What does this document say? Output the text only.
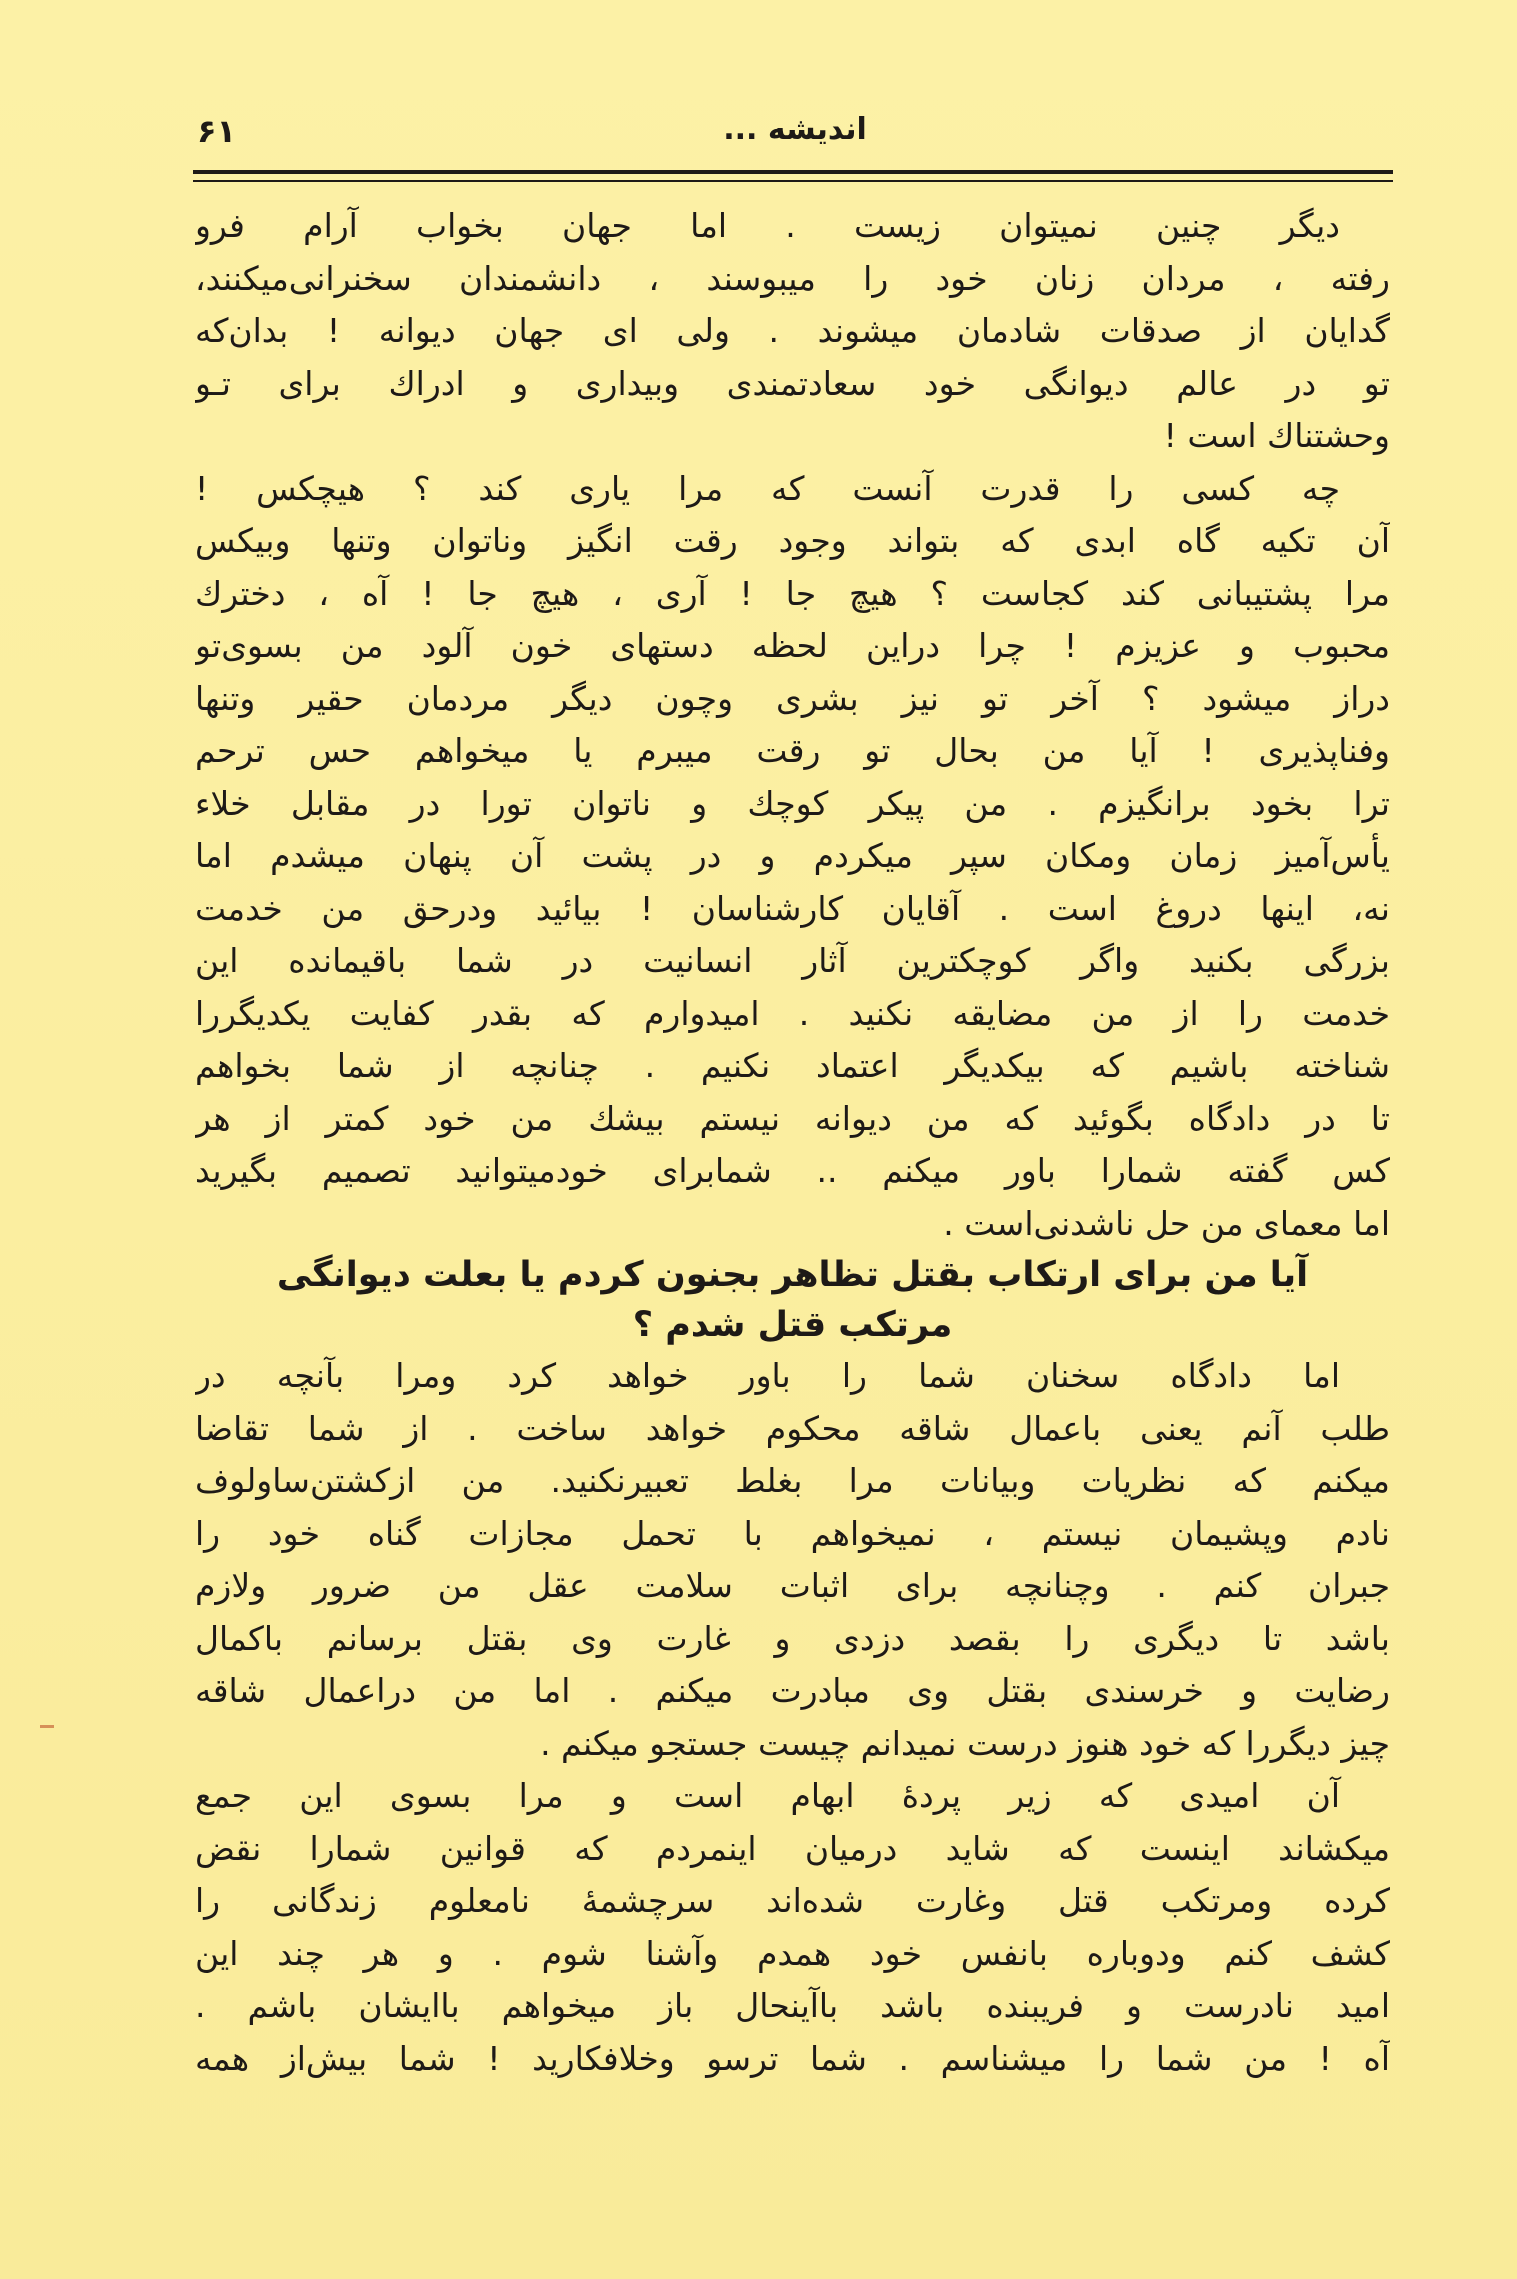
اندیشه ...
۶۱
دیگر چنین نمیتوان زیست . اما جهان بخواب آرام فرو
رفته ، مردان زنان خود را میبوسند ، دانشمندان سخنرانی‌میکنند،
گدایان از صدقات شادمان میشوند . ولی ای جهان دیوانه ! بدان‌که
تو در عالم دیوانگی خود سعادتمندی وبیداری و ادراك برای تـو
وحشتناك است !
چه کسی را قدرت آنست که مرا یاری کند ؟ هیچکس !
آن تکیه گاه ابدی که بتواند وجود رقت انگیز وناتوان وتنها وبیکس
مرا پشتیبانی کند کجاست ؟ هیچ جا ! آری ، هیچ جا ! آه ، دخترك
محبوب و عزیزم ! چرا دراین لحظه دستهای خون آلود من بسوی‌تو
دراز میشود ؟ آخر تو نیز بشری وچون دیگر مردمان حقیر وتنها
وفناپذیری ! آیا من بحال تو رقت میبرم یا میخواهم حس ترحم
ترا بخود برانگیزم . من پیکر کوچك و ناتوان تورا در مقابل خلاء
یأس‌آمیز زمان ومکان سپر میکردم و در پشت آن پنهان میشدم اما
نه، اینها دروغ است . آقایان کارشناسان ! بیائید ودرحق من خدمت
بزرگی بکنید واگر کوچکترین آثار انسانیت در شما باقیمانده این
خدمت را از من مضایقه نکنید . امیدوارم که بقدر کفایت یکدیگررا
شناخته باشیم که بیکدیگر اعتماد نکنیم . چنانچه از شما بخواهم
تا در دادگاه بگوئید که من دیوانه نیستم بیشك من خود کمتر از هر
کس گفته شمارا باور میکنم .. شمابرای خودمیتوانید تصمیم بگیرید
اما معمای من حل ناشدنی‌است .
آیا من برای ارتکاب بقتل تظاهر بجنون کردم یا بعلت دیوانگی
مرتکب قتل شدم ؟
اما دادگاه سخنان شما را باور خواهد کرد ومرا بآنچه در
طلب آنم یعنی باعمال شاقه محکوم خواهد ساخت . از شما تقاضا
میکنم که نظریات وبیانات مرا بغلط تعبیرنکنید. من ازکشتن‌ساولوف
نادم وپشیمان نیستم ، نمیخواهم با تحمل مجازات گناه خود را
جبران کنم . وچنانچه برای اثبات سلامت عقل من ضرور ولازم
باشد تا دیگری را بقصد دزدی و غارت وی بقتل برسانم باکمال
رضایت و خرسندی بقتل وی مبادرت میکنم . اما من دراعمال شاقه
چیز دیگررا که خود هنوز درست نمیدانم چیست جستجو میکنم .
آن امیدی که زیر پردهٔ ابهام است و مرا بسوی این جمع
میکشاند اینست که شاید درمیان اینمردم که قوانین شمارا نقض
کرده ومرتکب قتل وغارت شده‌اند سرچشمهٔ نامعلوم زندگانی را
کشف کنم ودوباره بانفس خود همدم وآشنا شوم . و هر چند این
امید نادرست و فریبنده باشد باآینحال باز میخواهم باایشان باشم .
آه ! من شما را میشناسم . شما ترسو وخلافکارید ! شما بیش‌از همه
